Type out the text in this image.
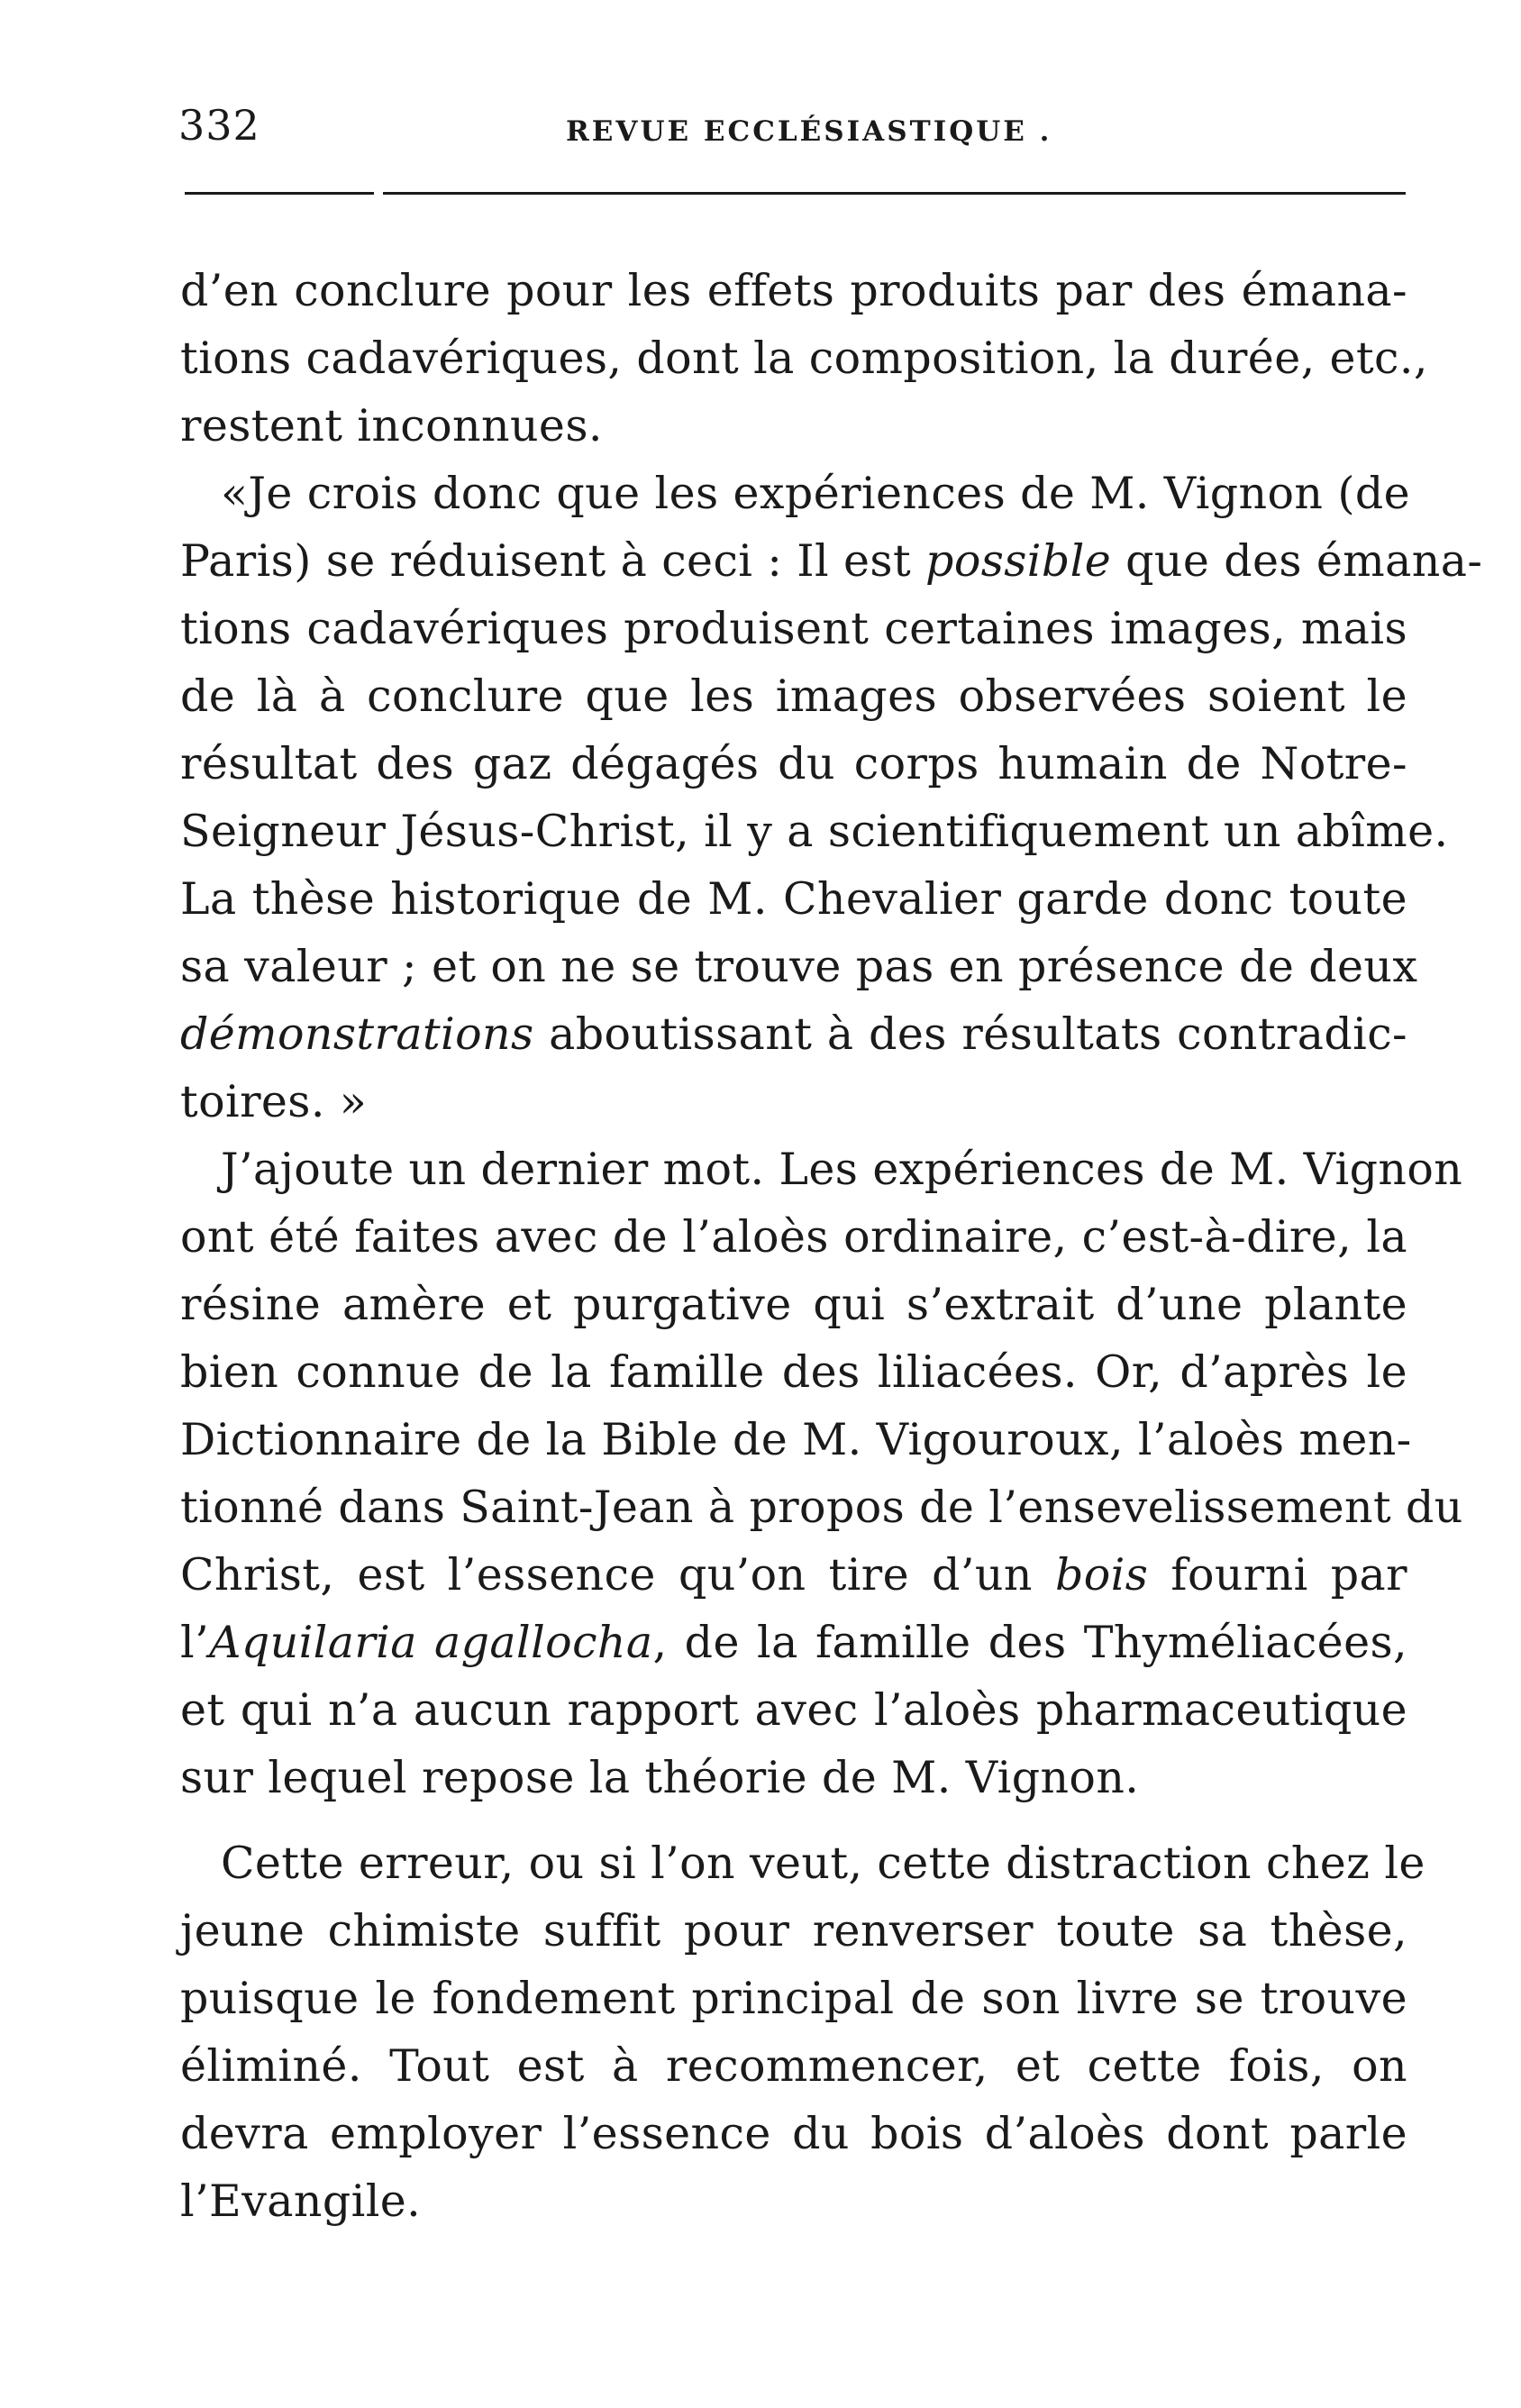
332	REVUE ECCLÉSIASTIQUE .
d’en conclure pour les effets produits par des émana-
tions cadavériques, dont la composition, la durée, etc.,
restent inconnues.
«Je crois donc que les expériences de M. Vignon (de
Paris) se réduisent à ceci : Il est possible que des émana-
tions cadavériques produisent certaines images, mais
de là à conclure que les images observées soient le
résultat des gaz dégagés du corps humain de Notre-
Seigneur Jésus-Christ, il y a scientifiquement un abîme.
La thèse historique de M. Chevalier garde donc toute
sa valeur ; et on ne se trouve pas en présence de deux
démonstrations aboutissant à des résultats contradic-
toires. »
J’ajoute un dernier mot. Les expériences de M. Vignon
ont été faites avec de l’aloès ordinaire, c’est-à-dire, la
résine amère et purgative qui s’extrait d’une plante
bien connue de la famille des liliacées. Or, d’après le
Dictionnaire de la Bible de M. Vigouroux, l’aloès men-
tionné dans Saint-Jean à propos de l’ensevelissement du
Christ, est l’essence qu’on tire d’un bois fourni par
l’Aquilaria agallocha, de la famille des Thyméliacées,
et qui n’a aucun rapport avec l’aloès pharmaceutique
sur lequel repose la théorie de M. Vignon.
Cette erreur, ou si l’on veut, cette distraction chez le
jeune chimiste suffit pour renverser toute sa thèse,
puisque le fondement principal de son livre se trouve
éliminé. Tout est à recommencer, et cette fois, on
devra employer l’essence du bois d’aloès dont parle
l’Evangile.
